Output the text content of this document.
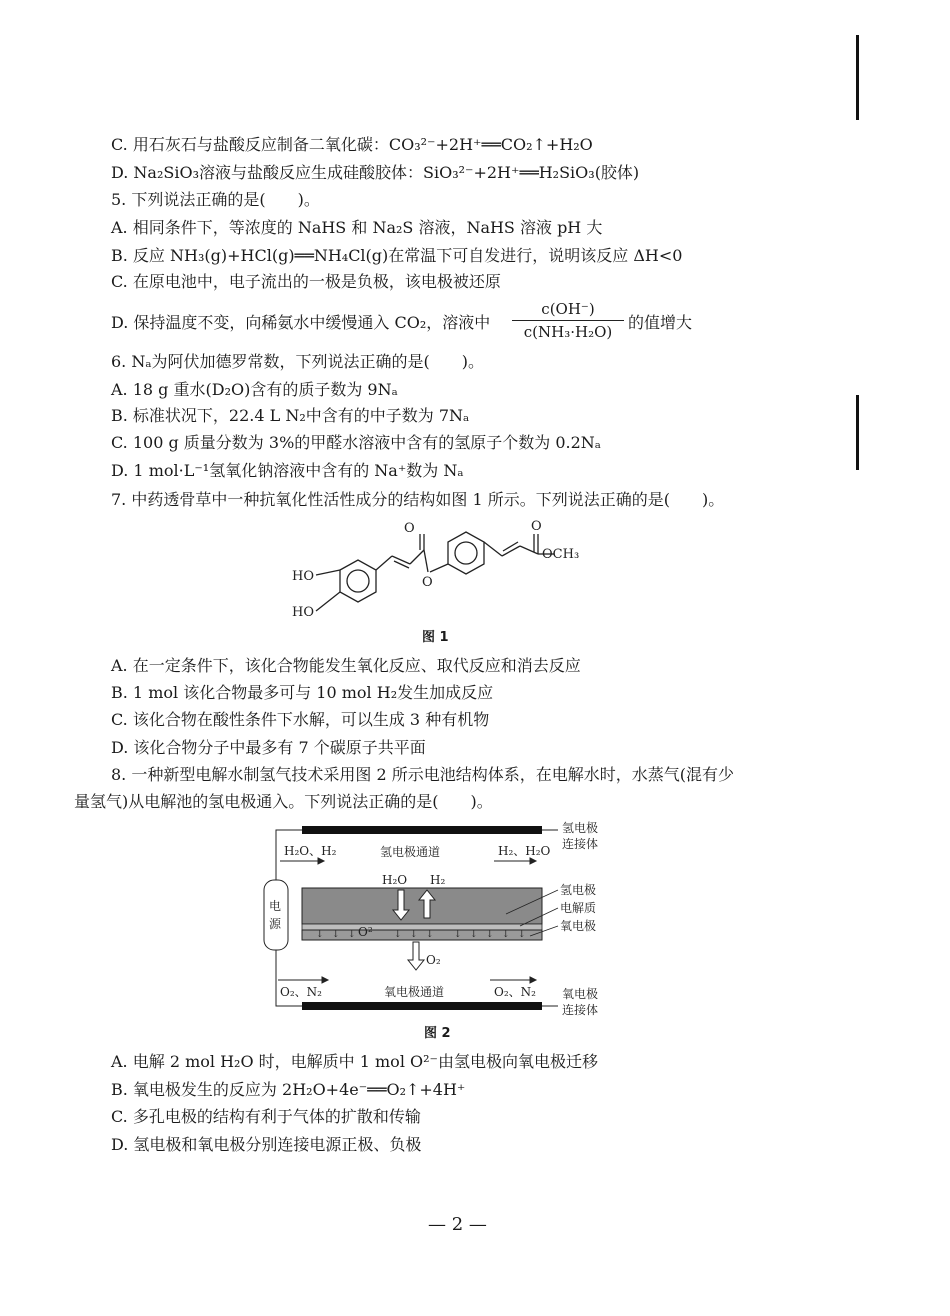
C. 用石灰石与盐酸反应制备二氧化碳：CO₃²⁻+2H⁺══CO₂↑+H₂O
D. Na₂SiO₃溶液与盐酸反应生成硅酸胶体：SiO₃²⁻+2H⁺══H₂SiO₃(胶体)
5. 下列说法正确的是(　　)。
A. 相同条件下，等浓度的 NaHS 和 Na₂S 溶液，NaHS 溶液 pH 大
B. 反应 NH₃(g)+HCl(g)══NH₄Cl(g)在常温下可自发进行，说明该反应 ΔH<0
C. 在原电池中，电子流出的一极是负极，该电极被还原
D. 保持温度不变，向稀氨水中缓慢通入 CO₂，溶液中
c(OH⁻)
c(NH₃·H₂O) 的值增大
6. Nₐ为阿伏加德罗常数，下列说法正确的是(　　)。
A. 18 g 重水(D₂O)含有的质子数为 9Nₐ
B. 标准状况下，22.4 L N₂中含有的中子数为 7Nₐ
C. 100 g 质量分数为 3%的甲醛水溶液中含有的氢原子个数为 0.2Nₐ
D. 1 mol·L⁻¹氢氧化钠溶液中含有的 Na⁺数为 Nₐ
7. 中药透骨草中一种抗氧化性活性成分的结构如图 1 所示。下列说法正确的是(　　)。
O	O
OCH₃
HO
HO
O
图 1
A. 在一定条件下，该化合物能发生氧化反应、取代反应和消去反应
B. 1 mol 该化合物最多可与 10 mol H₂发生加成反应
C. 该化合物在酸性条件下水解，可以生成 3 种有机物
D. 该化合物分子中最多有 7 个碳原子共平面
8. 一种新型电解水制氢气技术采用图 2 所示电池结构体系，在电解水时，水蒸气(混有少
量氢气)从电解池的氢电极通入。下列说法正确的是(　　)。
H₂O、H₂	氢电极通道	H₂、H₂O
氢电极
连接体
↓ ↓ ↓	↓ ↓ ↓ ↓ ↓ ↓ ↓ ↓
O²⁻
H₂O H₂
O₂
氢电极
电解质
氧电极
电
源
O₂、N₂	氧电极通道	O₂、N₂ 氧电极
连接体
图 2
A. 电解 2 mol H₂O 时，电解质中 1 mol O²⁻由氢电极向氧电极迁移
B. 氧电极发生的反应为 2H₂O+4e⁻══O₂↑+4H⁺
C. 多孔电极的结构有利于气体的扩散和传输
D. 氢电极和氧电极分别连接电源正极、负极
— 2 —
